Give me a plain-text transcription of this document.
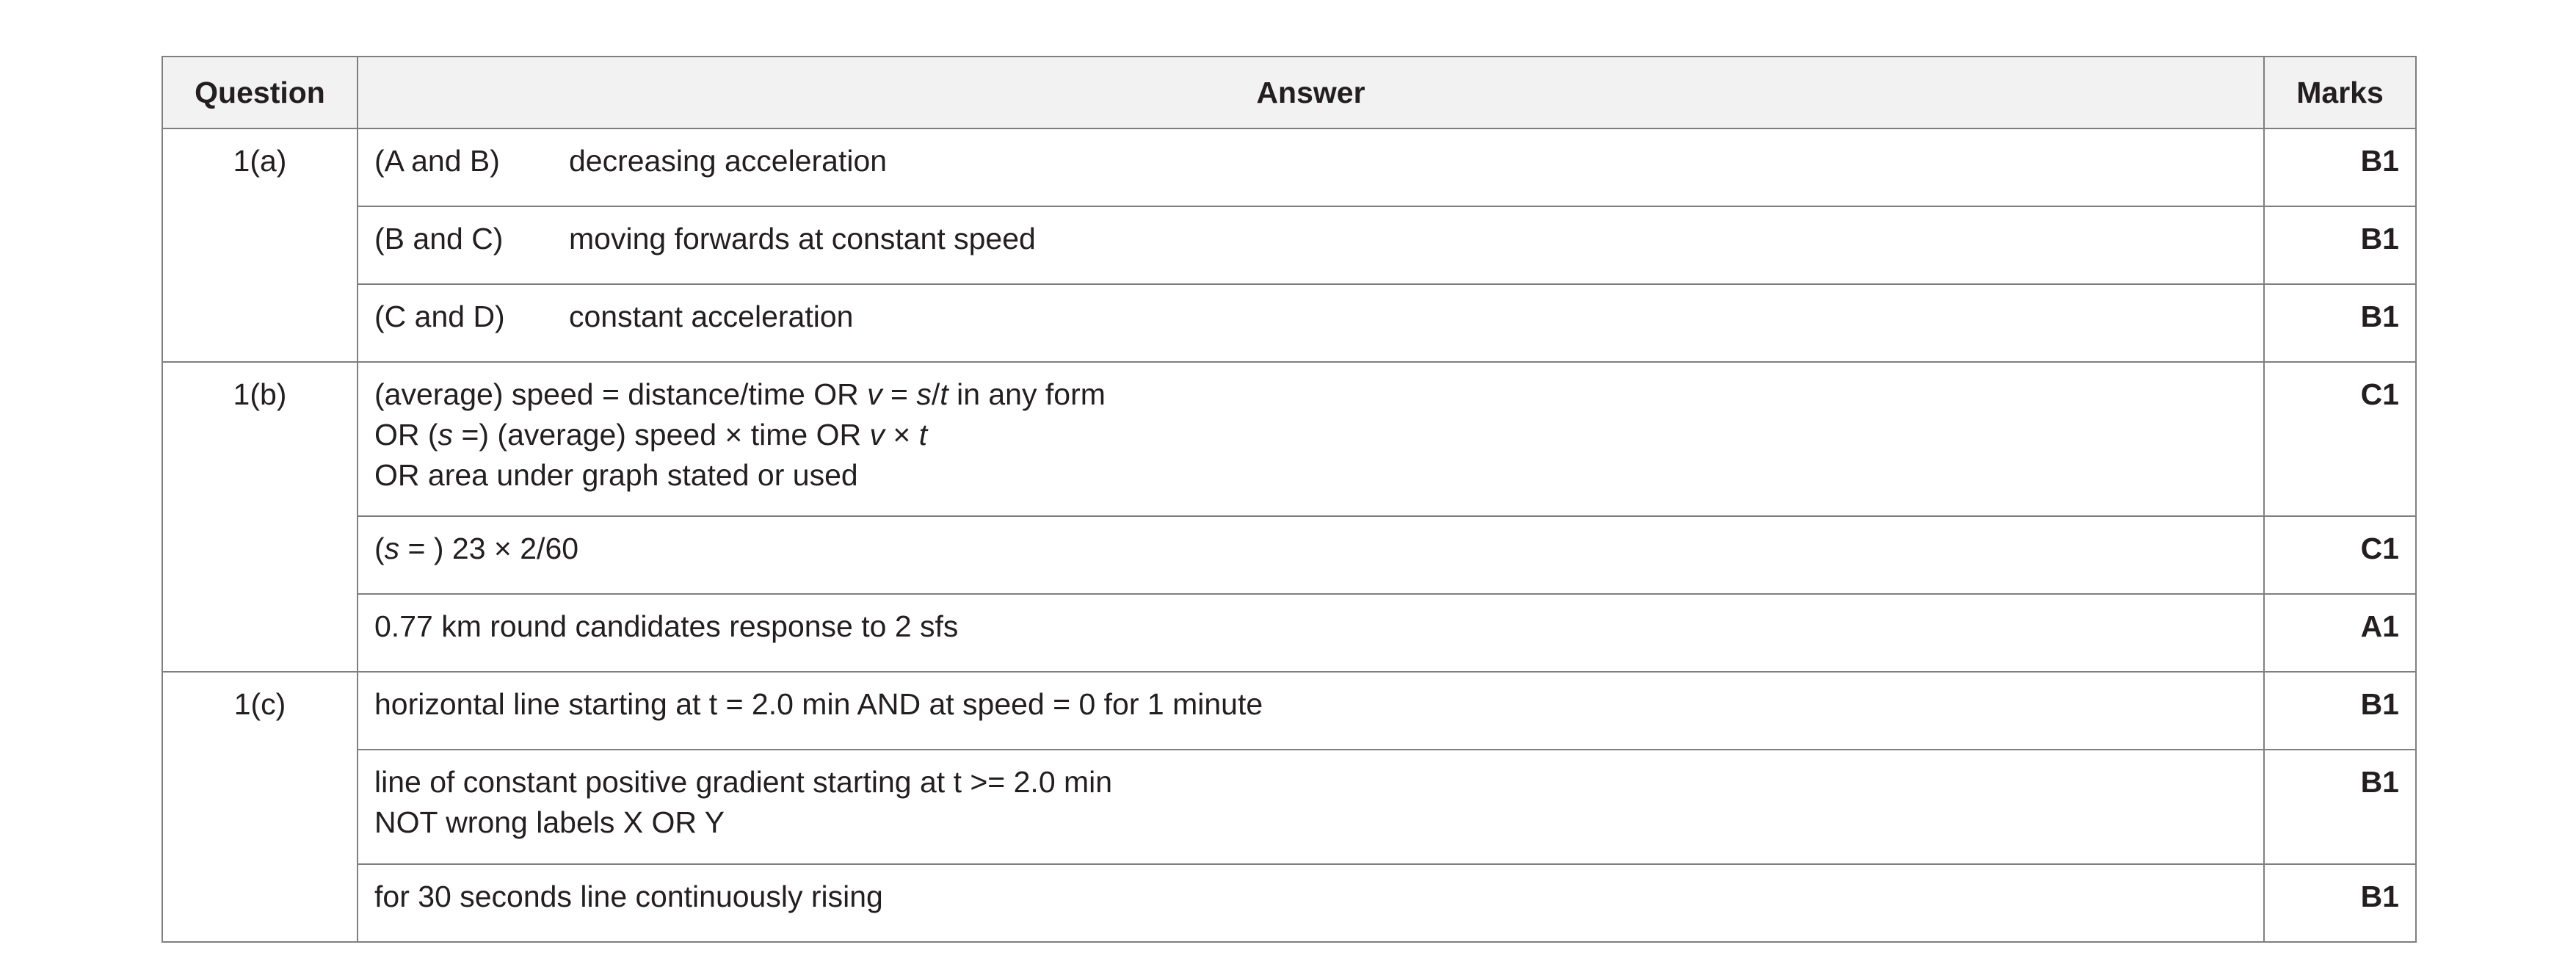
Question	Answer	Marks
1(a)	(A and B) decreasing acceleration	B1
	(B and C) moving forwards at constant speed	B1
	(C and D) constant acceleration	B1
1(b)	(average) speed = distance/time OR v = s/t in any form
OR (s =) (average) speed × time OR v × t
OR area under graph stated or used	C1
	(s = ) 23 × 2/60	C1
	0.77 km round candidates response to 2 sfs	A1
1(c)	horizontal line starting at t = 2.0 min AND at speed = 0 for 1 minute	B1

	line of constant positive gradient starting at t >= 2.0 min
NOT wrong labels X OR Y	B1
	for 30 seconds line continuously rising	B1
